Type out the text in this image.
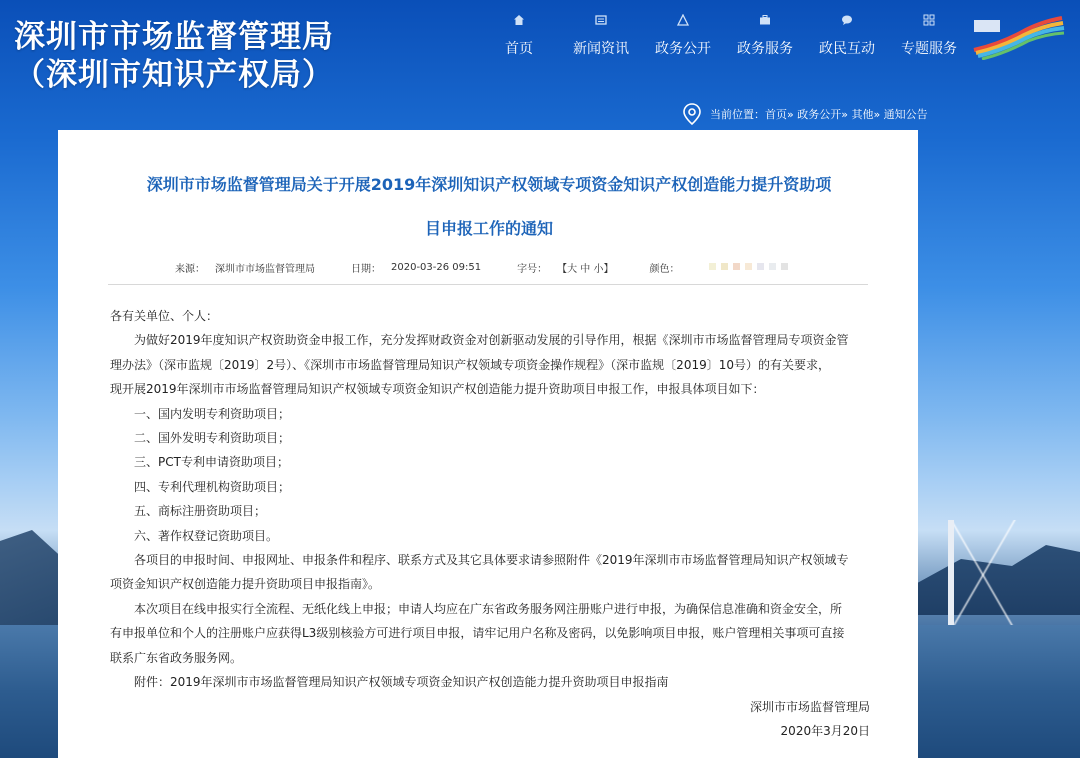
深圳市市场监督管理局
（深圳市知识产权局）
首页	新闻资讯	政务公开	政务服务	政民互动	专题服务
当前位置： 首页» 政务公开» 其他» 通知公告
深圳市市场监督管理局关于开展2019年深圳知识产权领域专项资金知识产权创造能力提升资助项
目申报工作的通知
来源： 深圳市市场监督管理局	日期： 2020-03-26 09:51	字号： 【大 中 小】	颜色：

各有关单位、个人：

为做好2019年度知识产权资助资金申报工作，充分发挥财政资金对创新驱动发展的引导作用，根据《深圳市市场监督管理局专项资金管

理办法》（深市监规〔2019〕2号）、《深圳市市场监督管理局知识产权领域专项资金操作规程》（深市监规〔2019〕10号）的有关要求，

现开展2019年深圳市市场监督管理局知识产权领域专项资金知识产权创造能力提升资助项目申报工作，申报具体项目如下：

一、国内发明专利资助项目；

二、国外发明专利资助项目；

三、PCT专利申请资助项目；

四、专利代理机构资助项目；

五、商标注册资助项目；

六、著作权登记资助项目。

各项目的申报时间、申报网址、申报条件和程序、联系方式及其它具体要求请参照附件《2019年深圳市市场监督管理局知识产权领域专

项资金知识产权创造能力提升资助项目申报指南》。

本次项目在线申报实行全流程、无纸化线上申报；申请人均应在广东省政务服务网注册账户进行申报，为确保信息准确和资金安全，所

有申报单位和个人的注册账户应获得L3级别核验方可进行项目申报，请牢记用户名称及密码，以免影响项目申报，账户管理相关事项可直接

联系广东省政务服务网。

附件：2019年深圳市市场监督管理局知识产权领域专项资金知识产权创造能力提升资助项目申报指南

深圳市市场监督管理局

2020年3月20日
